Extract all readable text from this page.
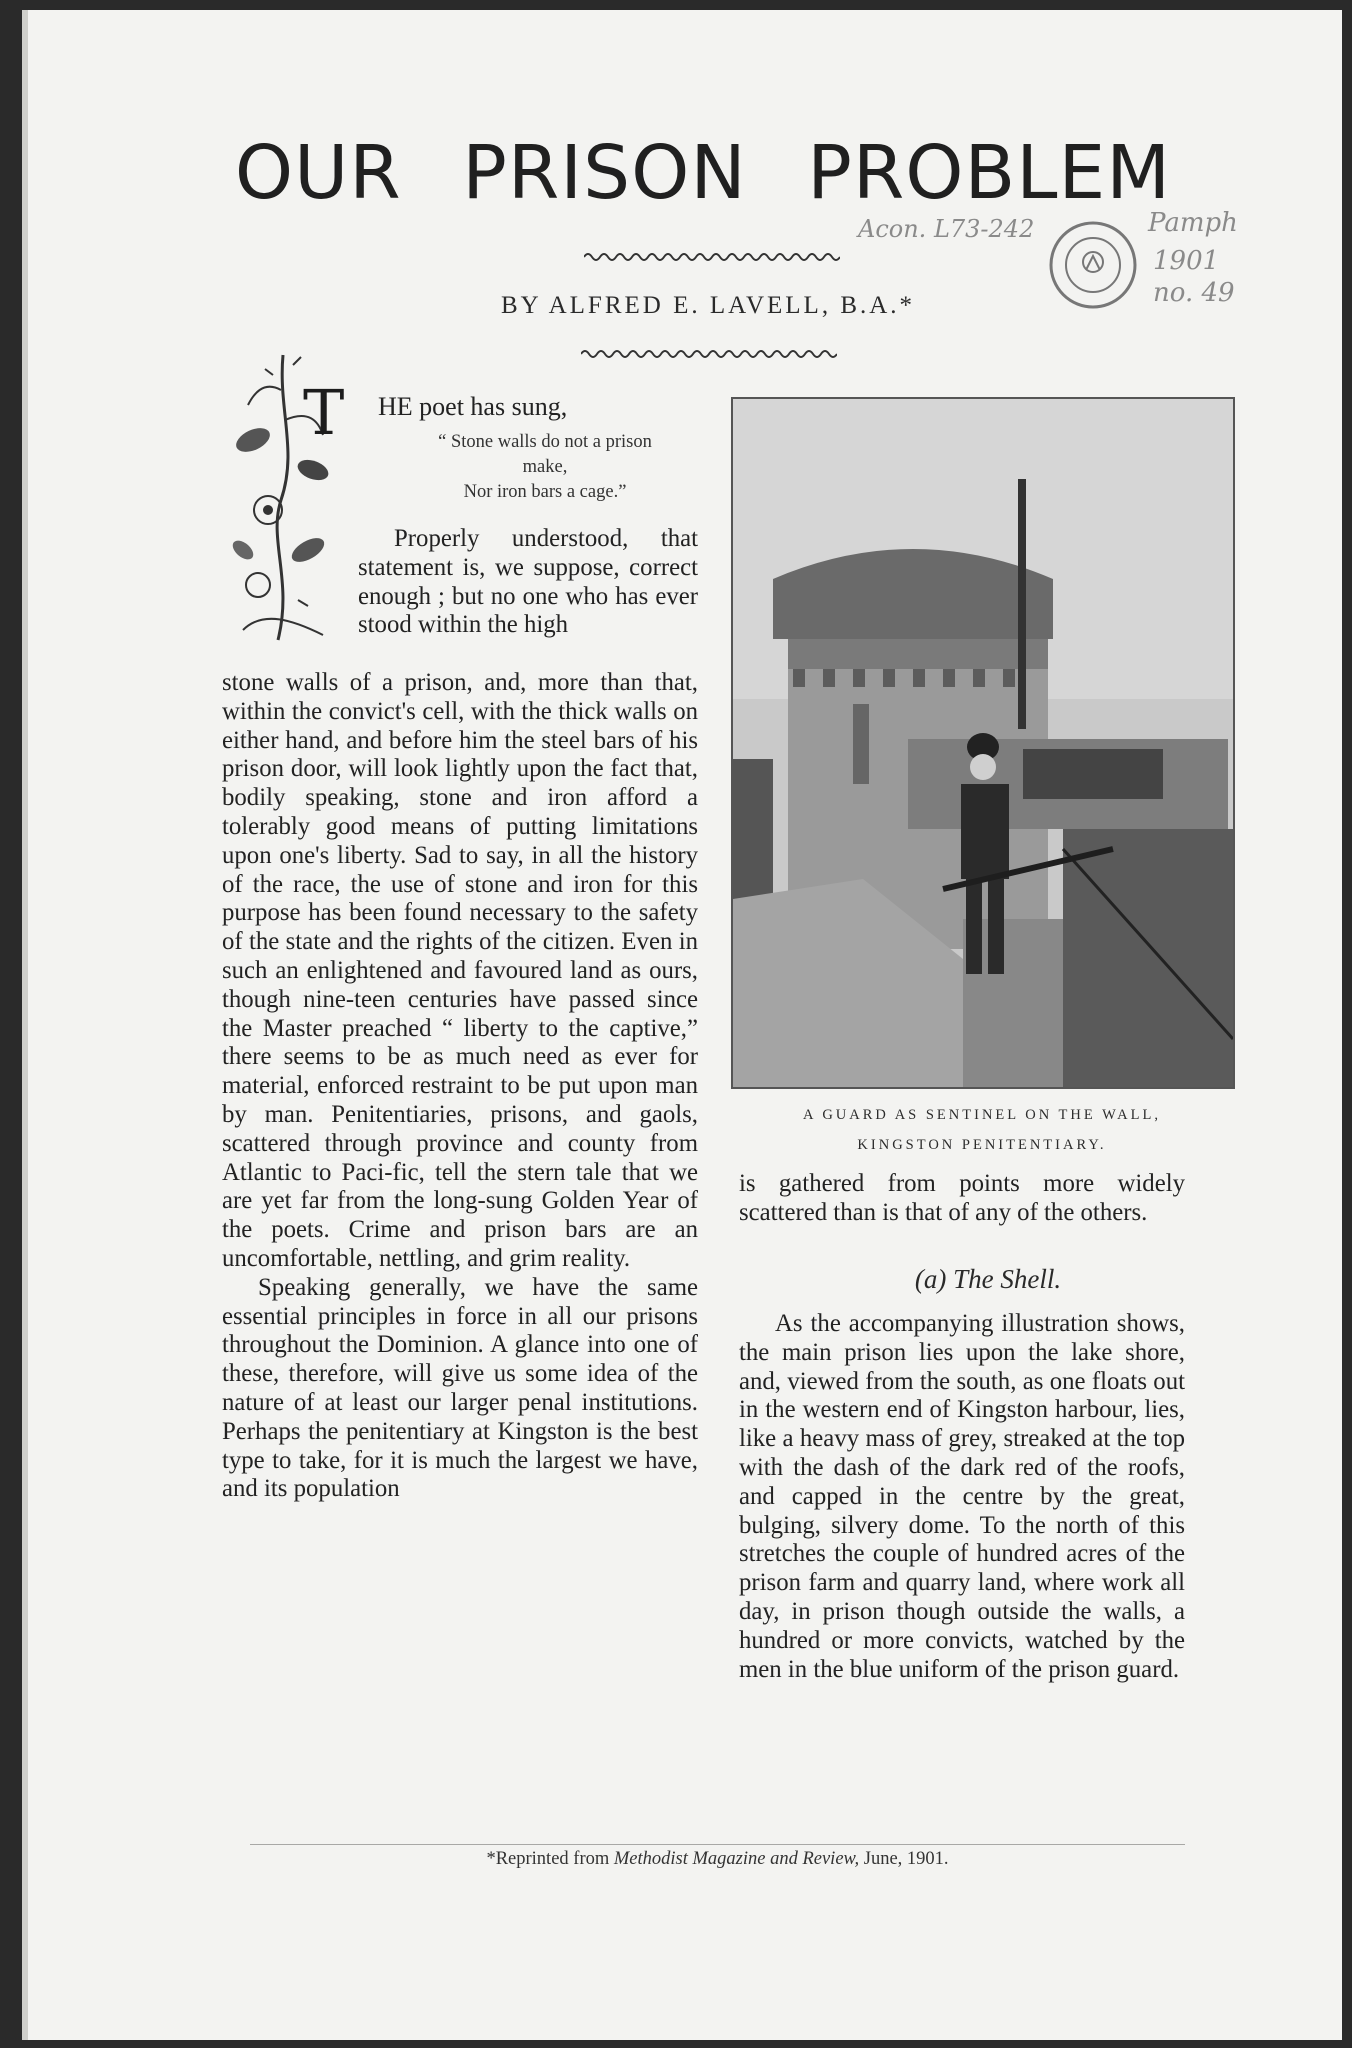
OUR PRISON PROBLEM
BY ALFRED E. LAVELL, B.A.*
Acon. L73-242	Pamph
1901
no. 49
T HE poet has sung,
“ Stone walls do not a prison
make,
Nor iron bars a cage.”

Properly understood, that statement is, we suppose, correct enough ; but no one who has ever stood within the high

stone walls of a prison, and, more than that, within the convict's cell, with the thick walls on either hand, and before him the steel bars of his prison door, will look lightly upon the fact that, bodily speaking, stone and iron afford a tolerably good means of putting limitations upon one's liberty. Sad to say, in all the history of the race, the use of stone and iron for this purpose has been found necessary to the safety of the state and the rights of the citizen. Even in such an enlightened and favoured land as ours, though nine-teen centuries have passed since the Master preached “ liberty to the captive,” there seems to be as much need as ever for material, enforced restraint to be put upon man by man. Penitentiaries, prisons, and gaols, scattered through province and county from Atlantic to Paci-fic, tell the stern tale that we are yet far from the long-sung Golden Year of the poets. Crime and prison bars are an uncomfortable, nettling, and grim reality.

Speaking generally, we have the same essential principles in force in all our prisons throughout the Dominion. A glance into one of these, therefore, will give us some idea of the nature of at least our larger penal institutions. Perhaps the penitentiary at Kingston is the best type to take, for it is much the largest we have, and its population

A GUARD AS SENTINEL ON THE WALL,
KINGSTON PENITENTIARY.

is gathered from points more widely scattered than is that of any of the others.

(a) The Shell.

As the accompanying illustration shows, the main prison lies upon the lake shore, and, viewed from the south, as one floats out in the western end of Kingston harbour, lies, like a heavy mass of grey, streaked at the top with the dash of the dark red of the roofs, and capped in the centre by the great, bulging, silvery dome. To the north of this stretches the couple of hundred acres of the prison farm and quarry land, where work all day, in prison though outside the walls, a hundred or more convicts, watched by the men in the blue uniform of the prison guard.

*Reprinted from Methodist Magazine and Review, June, 1901.
